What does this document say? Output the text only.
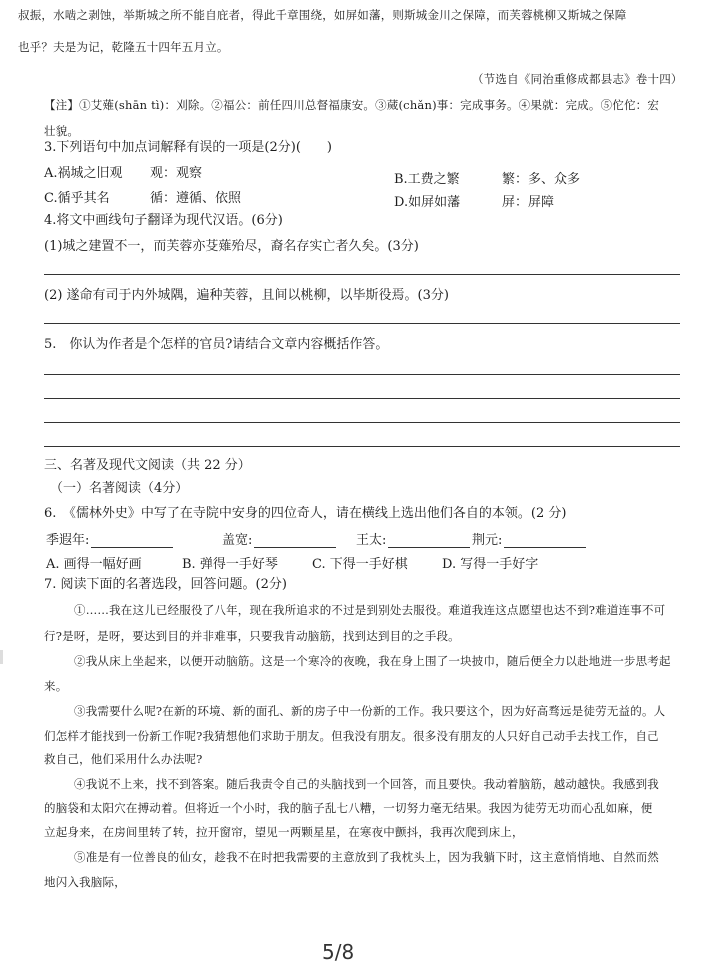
叔振，水啮之剥蚀，举斯城之所不能自庇者，得此千章围绕，如屏如藩，则斯城金川之保障，而芙蓉桃柳又斯城之保障
也乎？夫是为记，乾隆五十四年五月立。
（节选自《同治重修成都县志》卷十四）
【注】①艾薙(shān tì)：刈除。②福公：前任四川总督福康安。③蒇(chǎn)事：完成事务。④果就：完成。⑤佗佗：宏
壮貌。
3.下列语句中加点词解释有误的一项是(2分)(　　)
A.祸城之旧观 观：观察	B.工费之繁	繁：多、众多
C.循乎其名	循：遵循、依照	D.如屏如藩	屏：屏障
4.将文中画线句子翻译为现代汉语。(6分)
(1)城之建置不一，而芙蓉亦芟薙殆尽，裔名存实亡者久矣。(3分)
(2) 遂命有司于内外城隅，遍种芙蓉，且间以桃柳，以毕斯役焉。(3分)
5.　你认为作者是个怎样的官员?请结合文章内容概括作答。
三、名著及现代文阅读（共 22 分）
（一）名著阅读（4分）
6.　《儒林外史》中写了在寺院中安身的四位奇人，请在横线上选出他们各自的本领。(2 分)
季遐年:	盖宽:	王太:	荆元:
A. 画得一幅好画	B. 弹得一手好琴	C. 下得一手好棋	D. 写得一手好字
7. 阅读下面的名著选段，回答问题。(2分)
①……我在这儿已经服役了八年，现在我所追求的不过是到别处去服役。难道我连这点愿望也达不到?难道连事不可
行?是呀，是呀，要达到目的并非难事，只要我肯动脑筋，找到达到目的之手段。
②我从床上坐起来，以便开动脑筋。这是一个寒冷的夜晚，我在身上围了一块披巾，随后便全力以赴地进一步思考起
来。
③我需要什么呢?在新的环境、新的面孔、新的房子中一份新的工作。我只要这个，因为好高骛远是徒劳无益的。人
们怎样才能找到一份新工作呢?我猜想他们求助于朋友。但我没有朋友。很多没有朋友的人只好自己动手去找工作，自己
救自己，他们采用什么办法呢?
④我说不上来，找不到答案。随后我责令自己的头脑找到一个回答，而且要快。我动着脑筋，越动越快。我感到我
的脑袋和太阳穴在搏动着。但将近一个小时，我的脑子乱七八糟，一切努力毫无结果。我因为徒劳无功而心乱如麻，便
立起身来，在房间里转了转，拉开窗帘，望见一两颗星星，在寒夜中颤抖，我再次爬到床上，
⑤准是有一位善良的仙女，趁我不在时把我需要的主意放到了我枕头上，因为我躺下时，这主意悄悄地、自然而然
地闪入我脑际，
5/8
